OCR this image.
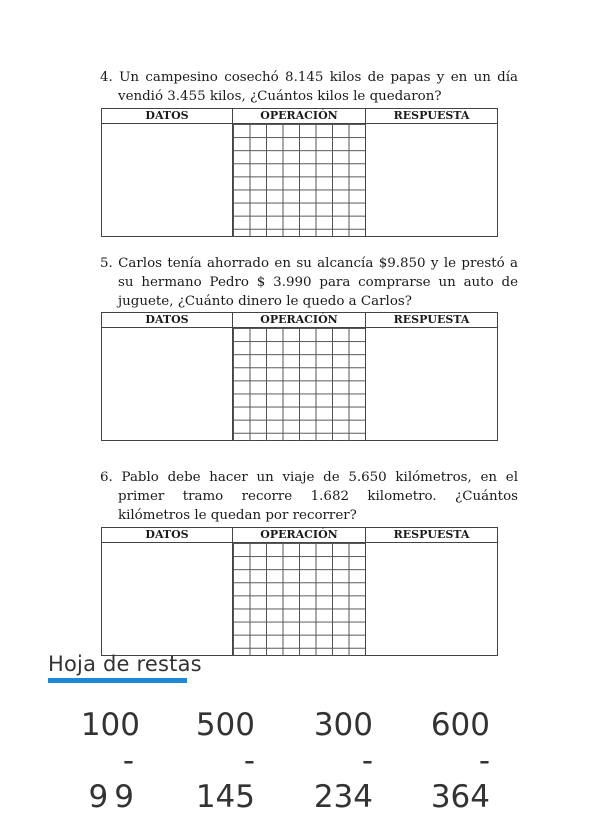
4. Un campesino cosechó 8.145 kilos de papas y en un día vendió 3.455 kilos, ¿Cuántos kilos le quedaron?

DATOS	OPERACIÓN	RESPUESTA

5. Carlos tenía ahorrado en su alcancía $9.850 y le prestó a su hermano Pedro $ 3.990 para comprarse un auto de juguete, ¿Cuánto dinero le quedo a Carlos?

DATOS	OPERACIÓN	RESPUESTA

6. Pablo debe hacer un viaje de 5.650 kilómetros, en el primer tramo recorre 1.682 kilometro. ¿Cuántos kilómetros le quedan por recorrer?

DATOS	OPERACIÓN	RESPUESTA
Hoja de restas
100
- 99
500
- 145
300
- 234
600
- 364
